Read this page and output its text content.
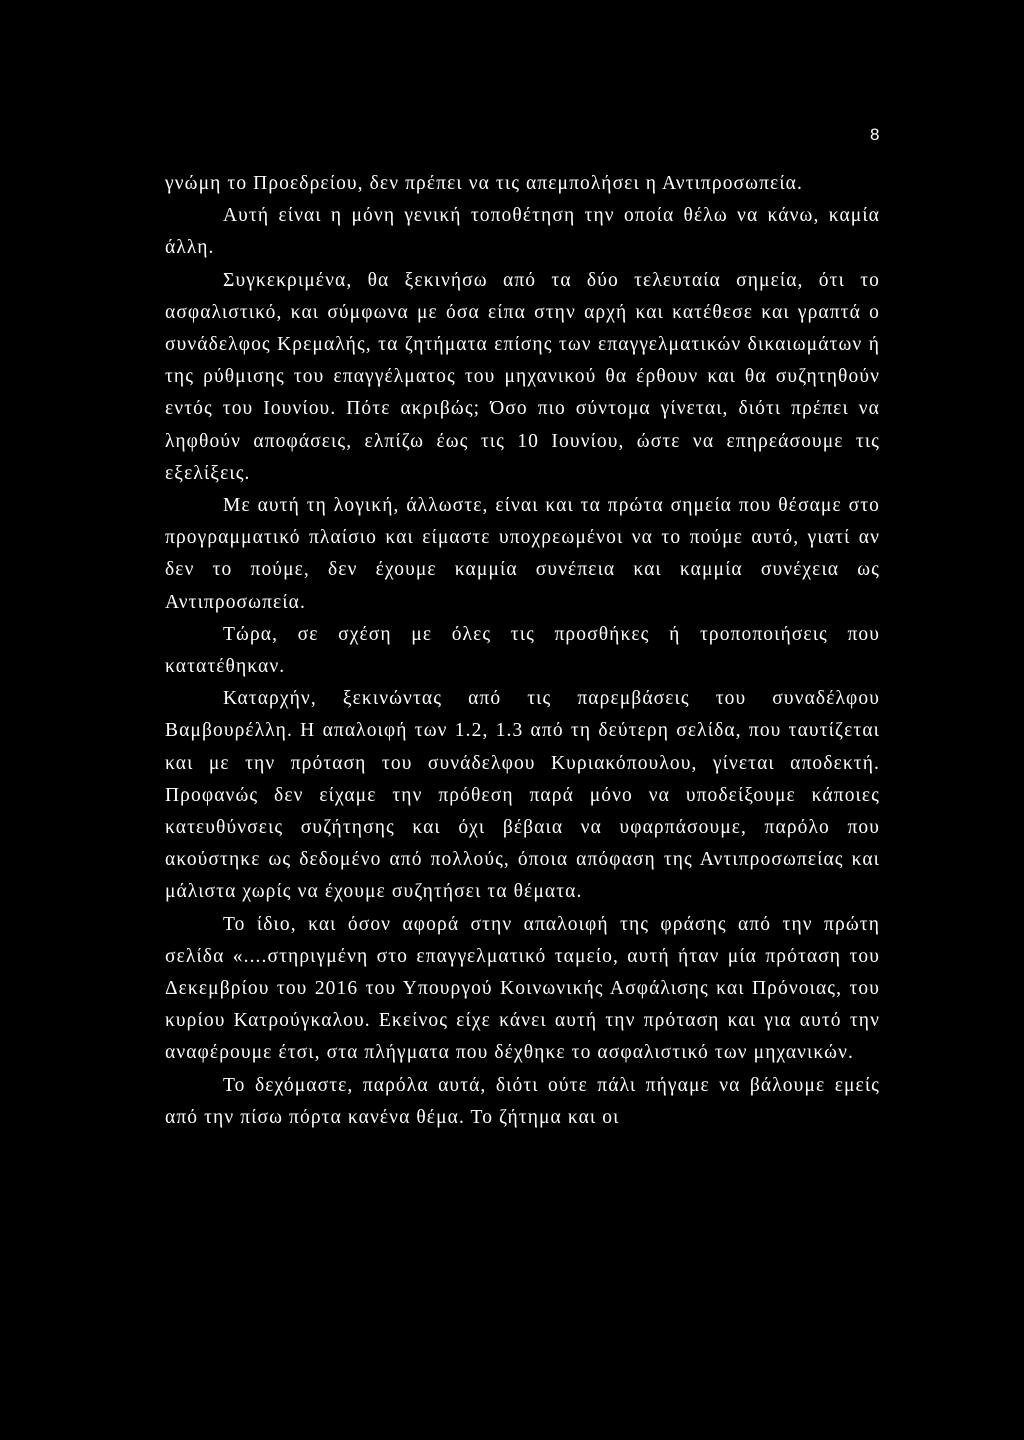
8

γνώμη το Προεδρείου, δεν πρέπει να τις απεμπολήσει η Αντιπροσωπεία.

Αυτή είναι η μόνη γενική τοποθέτηση την οποία θέλω να κάνω, καμία άλλη.

Συγκεκριμένα, θα ξεκινήσω από τα δύο τελευταία σημεία, ότι το ασφαλιστικό, και σύμφωνα με όσα είπα στην αρχή και κατέθεσε και γραπτά ο συνάδελφος Κρεμαλής, τα ζητήματα επίσης των επαγγελματικών δικαιωμάτων ή της ρύθμισης του επαγγέλματος του μηχανικού θα έρθουν και θα συζητηθούν εντός του Ιουνίου. Πότε ακριβώς; Όσο πιο σύντομα γίνεται, διότι πρέπει να ληφθούν αποφάσεις, ελπίζω έως τις 10 Ιουνίου, ώστε να επηρεάσουμε τις εξελίξεις.

Με αυτή τη λογική, άλλωστε, είναι και τα πρώτα σημεία που θέσαμε στο προγραμματικό πλαίσιο και είμαστε υποχρεωμένοι να το πούμε αυτό, γιατί αν δεν το πούμε, δεν έχουμε καμμία συνέπεια και καμμία συνέχεια ως Αντιπροσωπεία.

Τώρα, σε σχέση με όλες τις προσθήκες ή τροποποιήσεις που κατατέθηκαν.

Καταρχήν, ξεκινώντας από τις παρεμβάσεις του συναδέλφου Βαμβουρέλλη. Η απαλοιφή των 1.2, 1.3 από τη δεύτερη σελίδα, που ταυτίζεται και με την πρόταση του συνάδελφου Κυριακόπουλου, γίνεται αποδεκτή. Προφανώς δεν είχαμε την πρόθεση παρά μόνο να υποδείξουμε κάποιες κατευθύνσεις συζήτησης και όχι βέβαια να υφαρπάσουμε, παρόλο που ακούστηκε ως δεδομένο από πολλούς, όποια απόφαση της Αντιπροσωπείας και μάλιστα χωρίς να έχουμε συζητήσει τα θέματα.

Το ίδιο, και όσον αφορά στην απαλοιφή της φράσης από την πρώτη σελίδα «....στηριγμένη στο επαγγελματικό ταμείο, αυτή ήταν μία πρόταση του Δεκεμβρίου του 2016 του Υπουργού Κοινωνικής Ασφάλισης και Πρόνοιας, του κυρίου Κατρούγκαλου. Εκείνος είχε κάνει αυτή την πρόταση και για αυτό την αναφέρουμε έτσι, στα πλήγματα που δέχθηκε το ασφαλιστικό των μηχανικών.

Το δεχόμαστε, παρόλα αυτά, διότι ούτε πάλι πήγαμε να βάλουμε εμείς από την πίσω πόρτα κανένα θέμα. Το ζήτημα και οι
